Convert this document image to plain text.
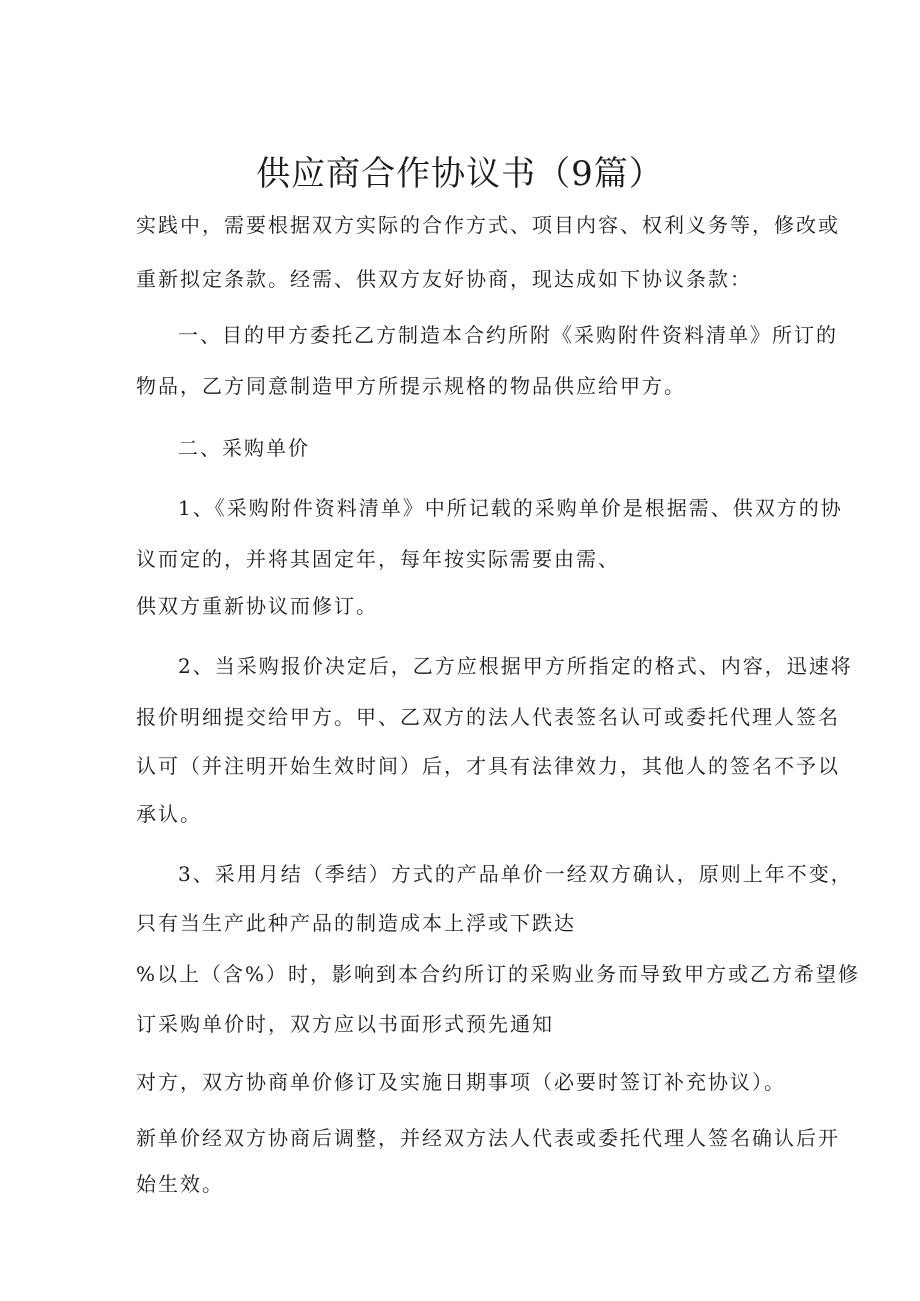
供应商合作协议书（9篇）

实践中，需要根据双方实际的合作方式、项目内容、权利义务等，修改或

重新拟定条款。经需、供双方友好协商，现达成如下协议条款：

一、目的甲方委托乙方制造本合约所附《采购附件资料清单》所订的

物品，乙方同意制造甲方所提示规格的物品供应给甲方。

二、采购单价

1、《采购附件资料清单》中所记载的采购单价是根据需、供双方的协

议而定的，并将其固定年，每年按实际需要由需、

供双方重新协议而修订。

2、当采购报价决定后，乙方应根据甲方所指定的格式、内容，迅速将

报价明细提交给甲方。甲、乙双方的法人代表签名认可或委托代理人签名

认可（并注明开始生效时间）后，才具有法律效力，其他人的签名不予以

承认。

3、采用月结（季结）方式的产品单价一经双方确认，原则上年不变，

只有当生产此种产品的制造成本上浮或下跌达

%以上（含%）时，影响到本合约所订的采购业务而导致甲方或乙方希望修

订采购单价时，双方应以书面形式预先通知

对方，双方协商单价修订及实施日期事项（必要时签订补充协议）。

新单价经双方协商后调整，并经双方法人代表或委托代理人签名确认后开

始生效。
